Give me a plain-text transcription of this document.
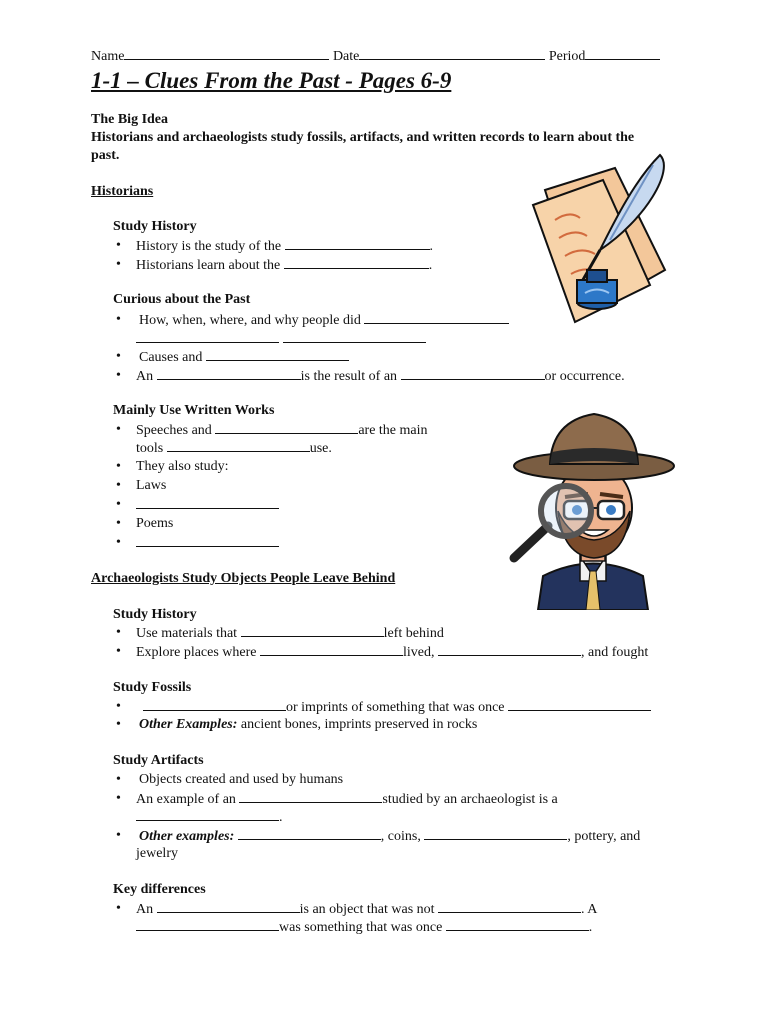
Name	Date	Period
1-1 – Clues From the Past - Pages 6-9
The Big Idea
Historians and archaeologists study fossils, artifacts, and written records to learn about the
past.
Historians
Study History
• History is the study of the	.
• Historians learn about the	.
Curious about the Past
• How, when, where, and why people did

• Causes and
• An	is the result of an	or occurrence.
Mainly Use Written Works
• Speeches and	are the main
tools	use.
• They also study:
• Laws
•
• Poems
•
Archaeologists Study Objects People Leave Behind
Study History
• Use materials that	left behind
• Explore places where	lived,	, and fought
Study Fossils
•	or imprints of something that was once
• Other Examples: ancient bones, imprints preserved in rocks
Study Artifacts
• Objects created and used by humans
• An example of an	studied by an archaeologist is a
.
• Other examples:	, coins,	, pottery, and
jewelry
Key differences
• An	is an object that was not	. A
was something that was once	.
